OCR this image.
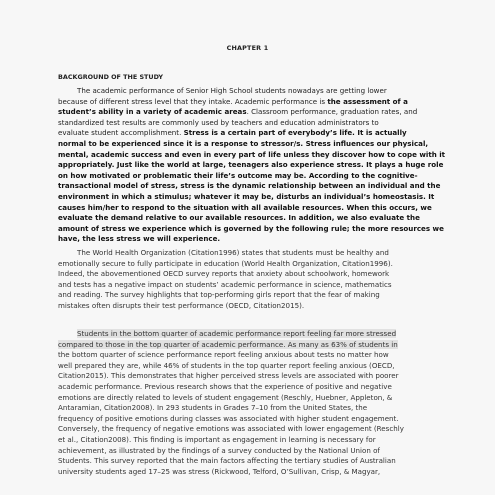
CHAPTER 1
BACKGROUND OF THE STUDY

The academic performance of Senior High School students nowadays are getting lower

because of different stress level that they intake. Academic performance is the assessment of a

student’s ability in a variety of academic areas. Classroom performance, graduation rates, and

standardized test results are commonly used by teachers and education administrators to

evaluate student accomplishment. Stress is a certain part of everybody’s life. It is actually

normal to be experienced since it is a response to stressor/s. Stress influences our physical,

mental, academic success and even in every part of life unless they discover how to cope with it

appropriately. Just like the world at large, teenagers also experience stress. It plays a huge role

on how motivated or problematic their life’s outcome may be. According to the cognitive-

transactional model of stress, stress is the dynamic relationship between an individual and the

environment in which a stimulus; whatever it may be, disturbs an individual’s homeostasis. It

causes him/her to respond to the situation with all available resources. When this occurs, we

evaluate the demand relative to our available resources. In addition, we also evaluate the

amount of stress we experience which is governed by the following rule; the more resources we

have, the less stress we will experience.

The World Health Organization (Citation1996) states that students must be healthy and

emotionally secure to fully participate in education (World Health Organization, Citation1996).

Indeed, the abovementioned OECD survey reports that anxiety about schoolwork, homework

and tests has a negative impact on students’ academic performance in science, mathematics

and reading. The survey highlights that top-performing girls report that the fear of making

mistakes often disrupts their test performance (OECD, Citation2015).

Students in the bottom quarter of academic performance report feeling far more stressed

compared to those in the top quarter of academic performance. As many as 63% of students in

the bottom quarter of science performance report feeling anxious about tests no matter how

well prepared they are, while 46% of students in the top quarter report feeling anxious (OECD,

Citation2015). This demonstrates that higher perceived stress levels are associated with poorer

academic performance. Previous research shows that the experience of positive and negative

emotions are directly related to levels of student engagement (Reschly, Huebner, Appleton, &

Antaramian, Citation2008). In 293 students in Grades 7–10 from the United States, the

frequency of positive emotions during classes was associated with higher student engagement.

Conversely, the frequency of negative emotions was associated with lower engagement (Reschly

et al., Citation2008). This finding is important as engagement in learning is necessary for

achievement, as illustrated by the findings of a survey conducted by the National Union of

Students. This survey reported that the main factors affecting the tertiary studies of Australian

university students aged 17–25 was stress (Rickwood, Telford, O’Sullivan, Crisp, & Magyar,
